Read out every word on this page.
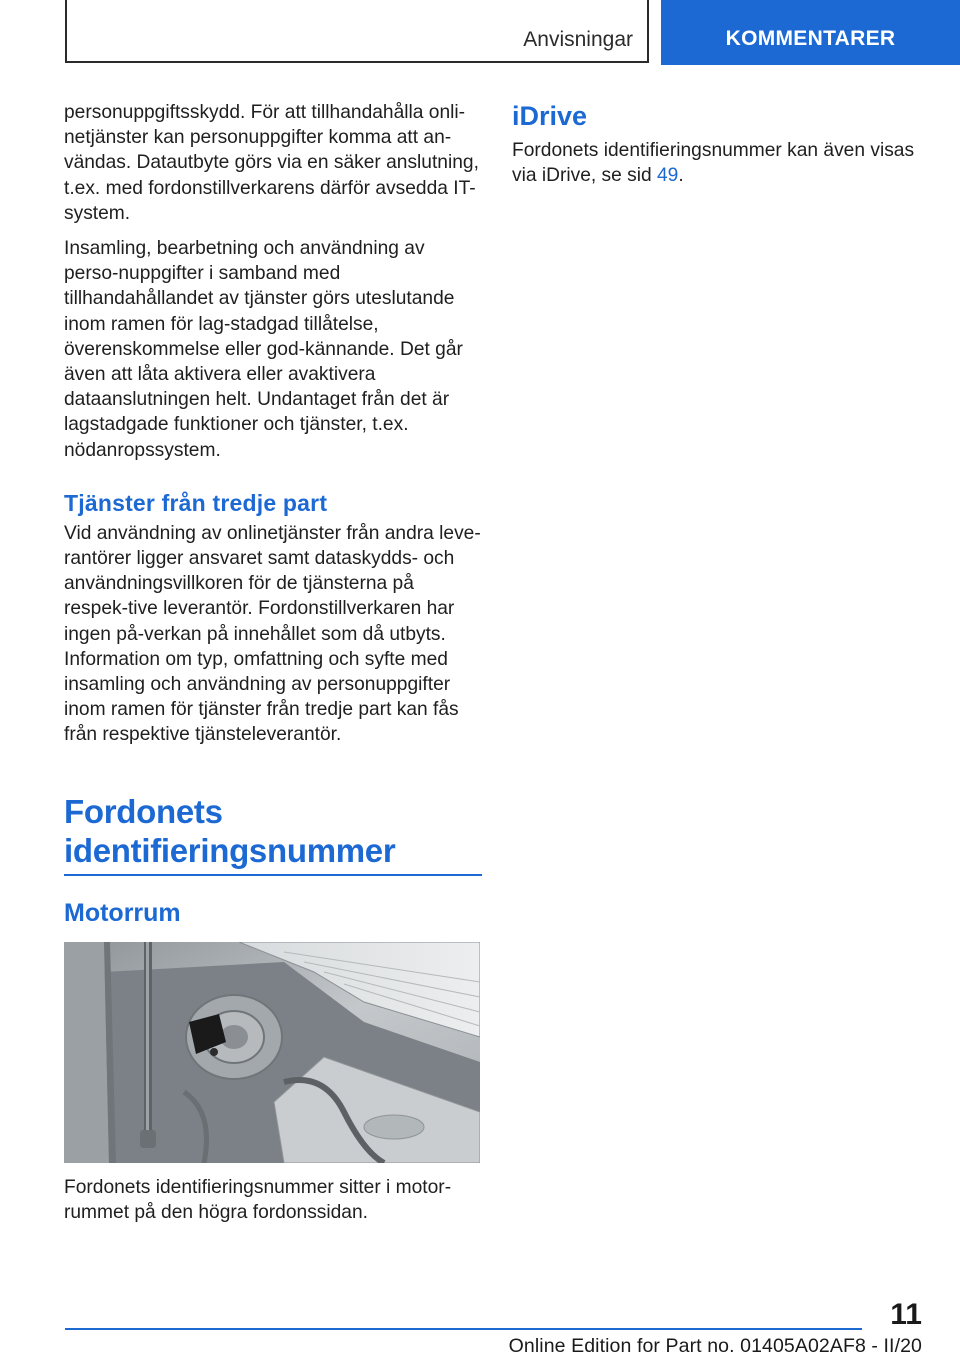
Anvisningar	KOMMENTARER

personuppgiftsskydd. För att tillhandahålla onli-netjänster kan personuppgifter komma att an-vändas. Datautbyte görs via en säker anslutning, t.ex. med fordonstillverkarens därför avsedda IT-system.

Insamling, bearbetning och användning av perso-nuppgifter i samband med tillhandahållandet av tjänster görs uteslutande inom ramen för lag-stadgad tillåtelse, överenskommelse eller god-kännande. Det går även att låta aktivera eller avaktivera dataanslutningen helt. Undantaget från det är lagstadgade funktioner och tjänster, t.ex. nödanropssystem.

Tjänster från tredje part

Vid användning av onlinetjänster från andra leve-rantörer ligger ansvaret samt dataskydds- och användningsvillkoren för de tjänsterna på respek-tive leverantör. Fordonstillverkaren har ingen på-verkan på innehållet som då utbyts. Information om typ, omfattning och syfte med insamling och användning av personuppgifter inom ramen för tjänster från tredje part kan fås från respektive tjänsteleverantör.

Fordonets
identifieringsnummer
Motorrum

Fordonets identifieringsnummer sitter i motor-rummet på den högra fordonssidan.

iDrive

Fordonets identifieringsnummer kan även visas via iDrive, se sid 49.

11
Online Edition for Part no. 01405A02AF8 - II/20
